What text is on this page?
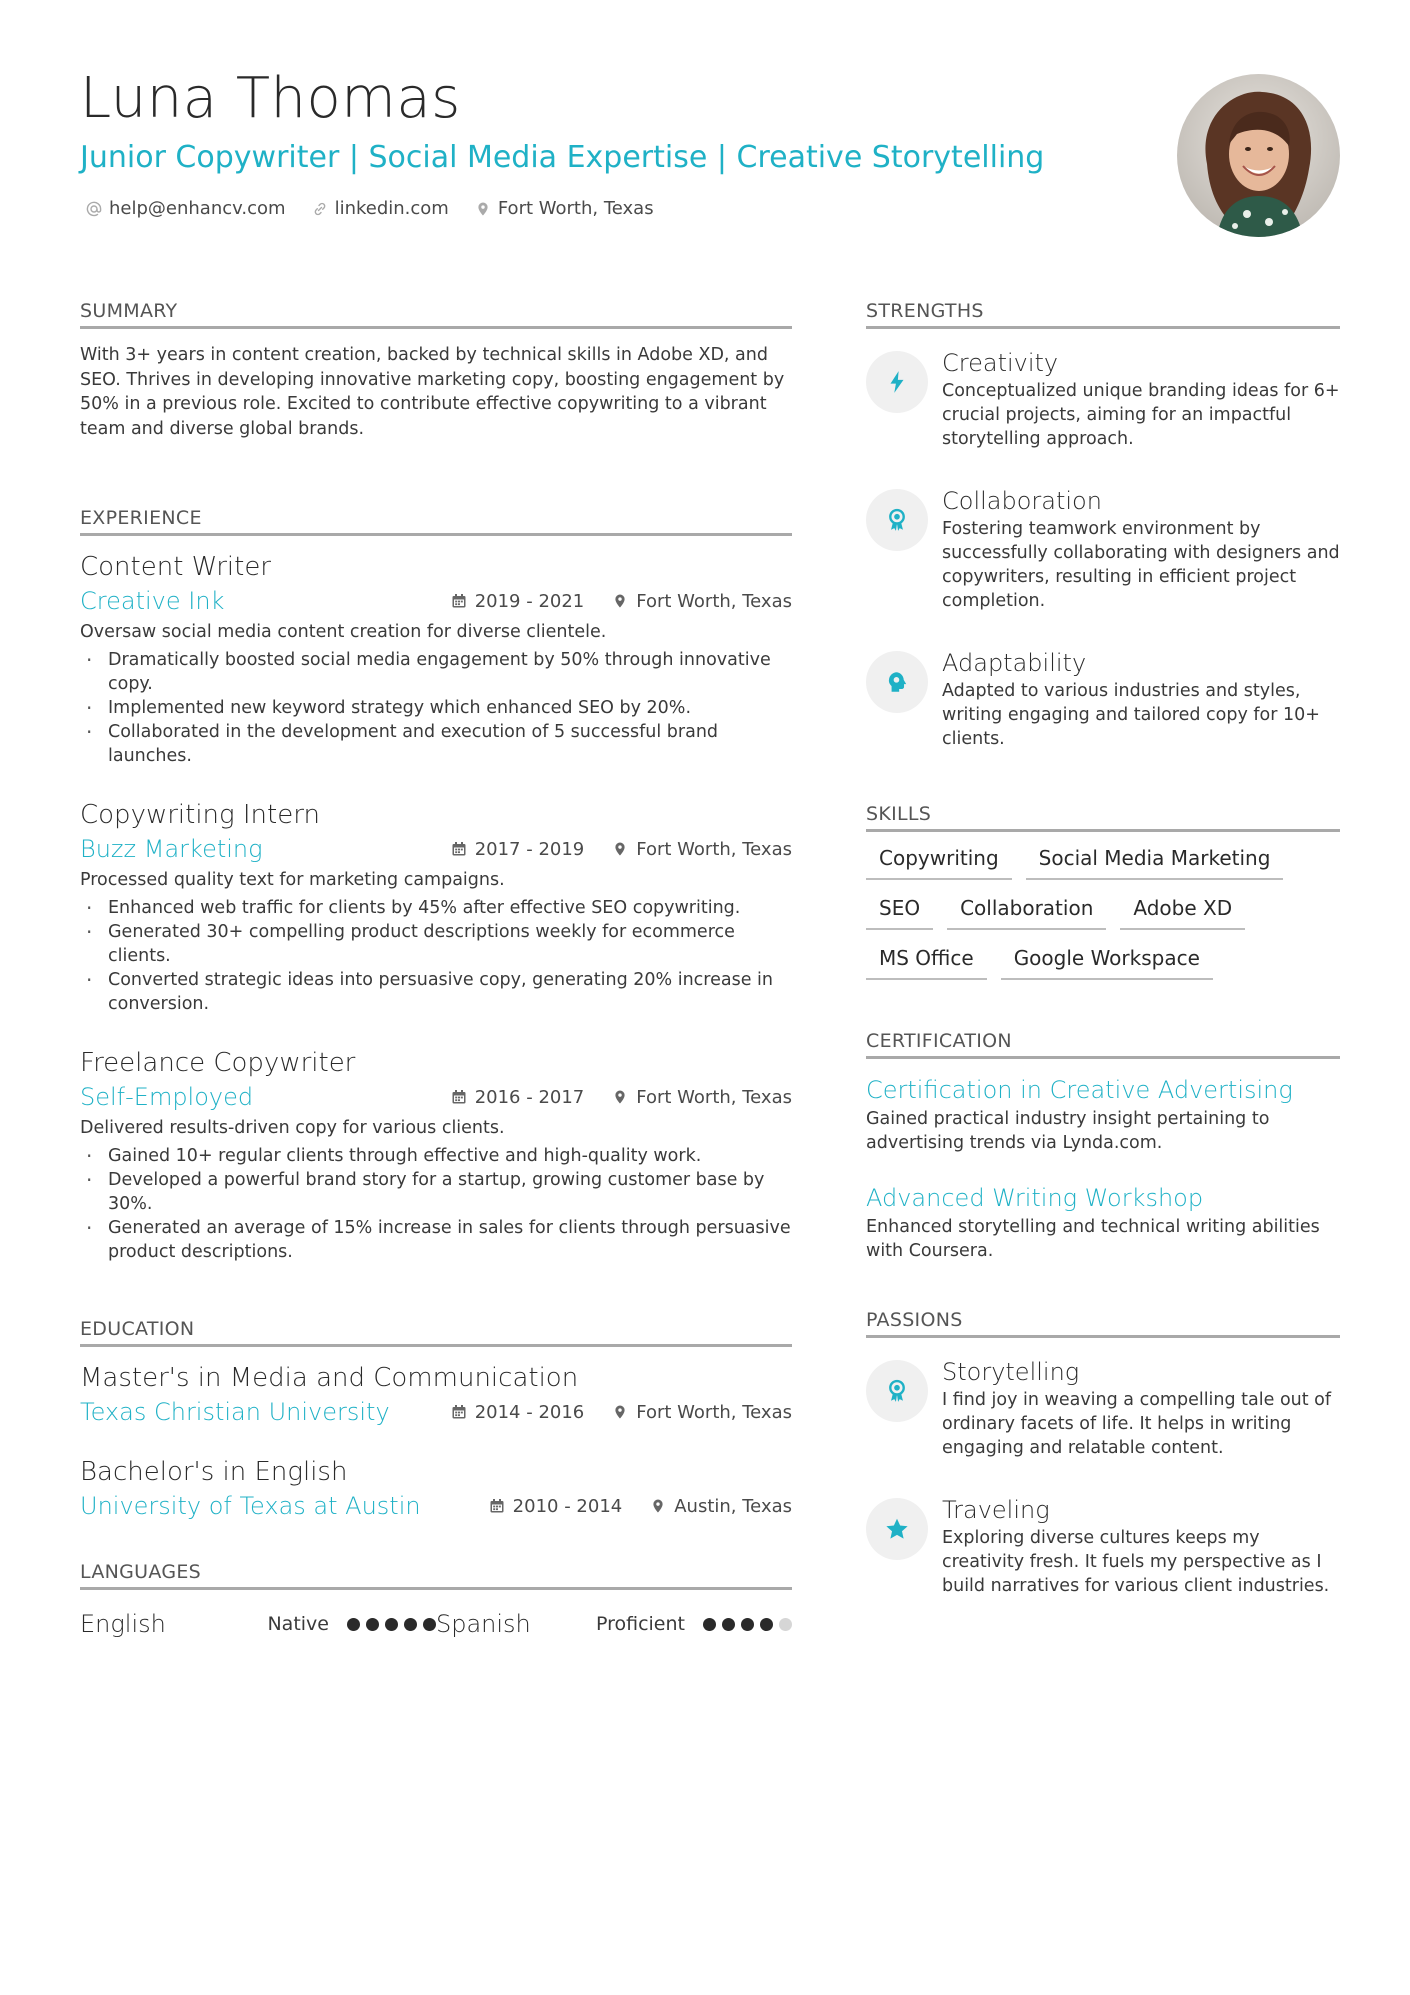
Luna Thomas
Junior Copywriter | Social Media Expertise | Creative Storytelling
help@enhancv.com	linkedin.com	Fort Worth, Texas
SUMMARY

With 3+ years in content creation, backed by technical skills in Adobe XD, and SEO. Thrives in developing innovative marketing copy, boosting engagement by 50% in a previous role. Excited to contribute effective copywriting to a vibrant team and diverse global brands.

EXPERIENCE
Content Writer
Creative Ink	2019 - 2021	Fort Worth, Texas

Oversaw social media content creation for diverse clientele.

· Dramatically boosted social media engagement by 50% through innovative copy.
· Implemented new keyword strategy which enhanced SEO by 20%.
· Collaborated in the development and execution of 5 successful brand launches.
Copywriting Intern
Buzz Marketing	2017 - 2019	Fort Worth, Texas

Processed quality text for marketing campaigns.

· Enhanced web traffic for clients by 45% after effective SEO copywriting.
· Generated 30+ compelling product descriptions weekly for ecommerce clients.
· Converted strategic ideas into persuasive copy, generating 20% increase in conversion.
Freelance Copywriter
Self-Employed	2016 - 2017	Fort Worth, Texas

Delivered results-driven copy for various clients.

· Gained 10+ regular clients through effective and high-quality work.
· Developed a powerful brand story for a startup, growing customer base by 30%.
· Generated an average of 15% increase in sales for clients through persuasive product descriptions.
EDUCATION
Master's in Media and Communication
Texas Christian University	2014 - 2016	Fort Worth, Texas
Bachelor's in English
University of Texas at Austin	2010 - 2014	Austin, Texas
LANGUAGES
English	Native	Spanish	Proficient
STRENGTHS
Creativity

Conceptualized unique branding ideas for 6+ crucial projects, aiming for an impactful storytelling approach.

Collaboration

Fostering teamwork environment by successfully collaborating with designers and copywriters, resulting in efficient project completion.

Adaptability

Adapted to various industries and styles, writing engaging and tailored copy for 10+ clients.

SKILLS
Copywriting	Social Media Marketing
SEO	Collaboration	Adobe XD
MS Office	Google Workspace
CERTIFICATION
Certification in Creative Advertising

Gained practical industry insight pertaining to advertising trends via Lynda.com.

Advanced Writing Workshop

Enhanced storytelling and technical writing abilities with Coursera.

PASSIONS
Storytelling

I find joy in weaving a compelling tale out of ordinary facets of life. It helps in writing engaging and relatable content.

Traveling

Exploring diverse cultures keeps my creativity fresh. It fuels my perspective as I build narratives for various client industries.
